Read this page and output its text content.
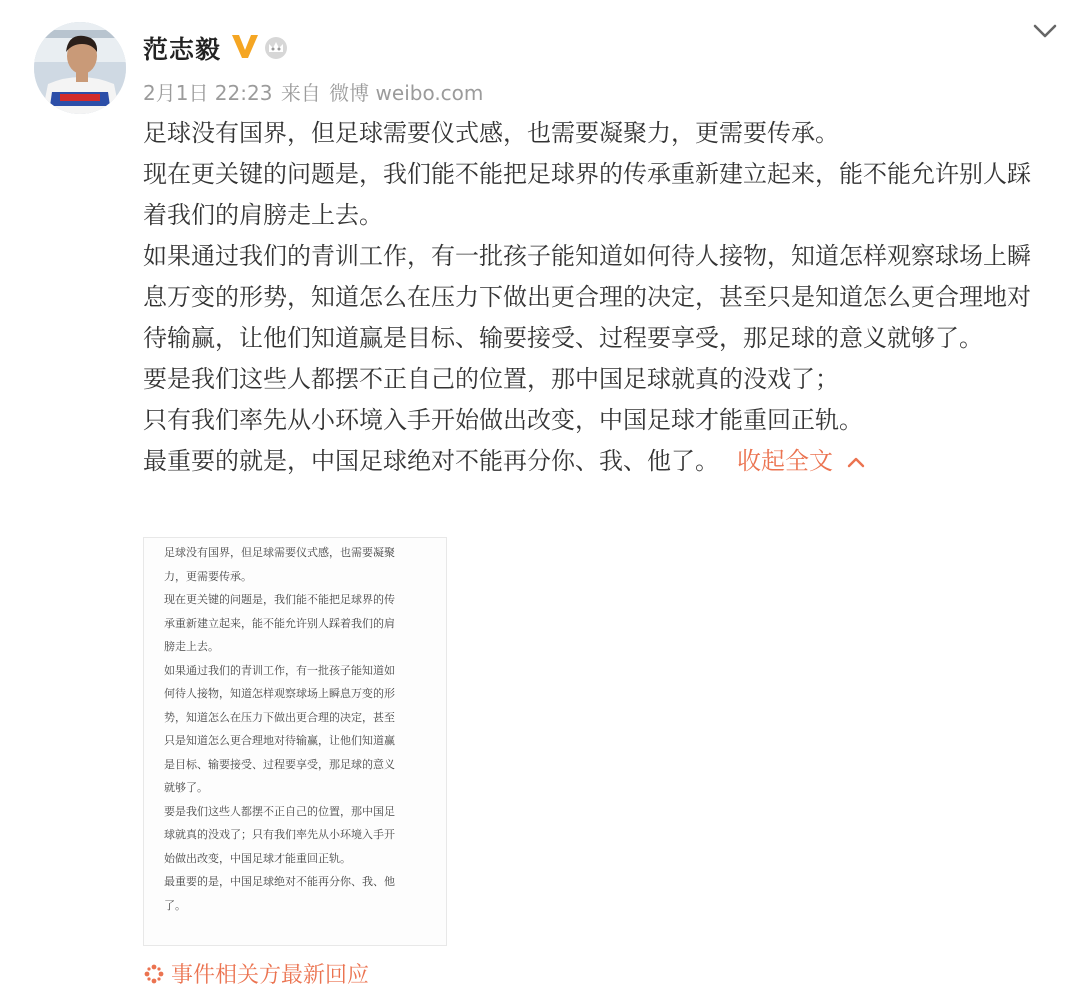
范志毅
2月1日 22:23 来自 微博 weibo.com

足球没有国界，但足球需要仪式感，也需要凝聚力，更需要传承。

现在更关键的问题是，我们能不能把足球界的传承重新建立起来，能不能允许别人踩着我们的肩膀走上去。

如果通过我们的青训工作，有一批孩子能知道如何待人接物，知道怎样观察球场上瞬息万变的形势，知道怎么在压力下做出更合理的决定，甚至只是知道怎么更合理地对待输赢，让他们知道赢是目标、输要接受、过程要享受，那足球的意义就够了。

要是我们这些人都摆不正自己的位置，那中国足球就真的没戏了；

只有我们率先从小环境入手开始做出改变，中国足球才能重回正轨。

最重要的就是，中国足球绝对不能再分你、我、他了。 收起全文

足球没有国界，但足球需要仪式感，也需要凝聚

力，更需要传承。

现在更关键的问题是，我们能不能把足球界的传

承重新建立起来，能不能允许别人踩着我们的肩

膀走上去。

如果通过我们的青训工作，有一批孩子能知道如

何待人接物，知道怎样观察球场上瞬息万变的形

势，知道怎么在压力下做出更合理的决定，甚至

只是知道怎么更合理地对待输赢，让他们知道赢

是目标、输要接受、过程要享受，那足球的意义

就够了。

要是我们这些人都摆不正自己的位置，那中国足

球就真的没戏了；只有我们率先从小环境入手开

始做出改变，中国足球才能重回正轨。

最重要的是，中国足球绝对不能再分你、我、他

了。

事件相关方最新回应
